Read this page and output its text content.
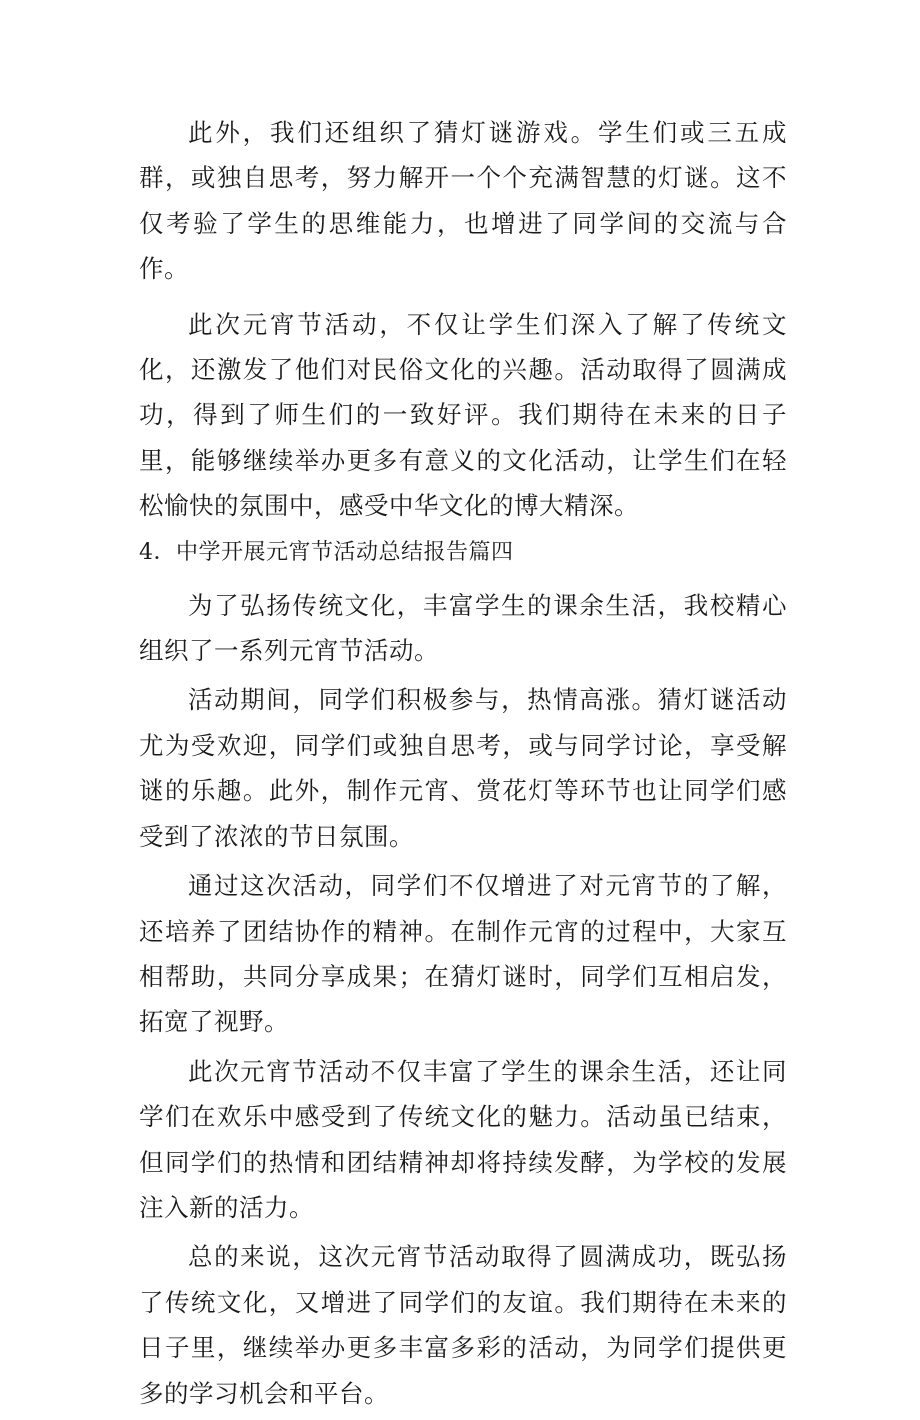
此外，我们还组织了猜灯谜游戏。学生们或三五成群，或独自思考，努力解开一个个充满智慧的灯谜。这不仅考验了学生的思维能力，也增进了同学间的交流与合作。

此次元宵节活动，不仅让学生们深入了解了传统文化，还激发了他们对民俗文化的兴趣。活动取得了圆满成功，得到了师生们的一致好评。我们期待在未来的日子里，能够继续举办更多有意义的文化活动，让学生们在轻松愉快的氛围中，感受中华文化的博大精深。

4．中学开展元宵节活动总结报告篇四

为了弘扬传统文化，丰富学生的课余生活，我校精心组织了一系列元宵节活动。

活动期间，同学们积极参与，热情高涨。猜灯谜活动尤为受欢迎，同学们或独自思考，或与同学讨论，享受解谜的乐趣。此外，制作元宵、赏花灯等环节也让同学们感受到了浓浓的节日氛围。

通过这次活动，同学们不仅增进了对元宵节的了解，还培养了团结协作的精神。在制作元宵的过程中，大家互相帮助，共同分享成果；在猜灯谜时，同学们互相启发，拓宽了视野。

此次元宵节活动不仅丰富了学生的课余生活，还让同学们在欢乐中感受到了传统文化的魅力。活动虽已结束，但同学们的热情和团结精神却将持续发酵，为学校的发展注入新的活力。

总的来说，这次元宵节活动取得了圆满成功，既弘扬了传统文化，又增进了同学们的友谊。我们期待在未来的日子里，继续举办更多丰富多彩的活动，为同学们提供更多的学习机会和平台。
